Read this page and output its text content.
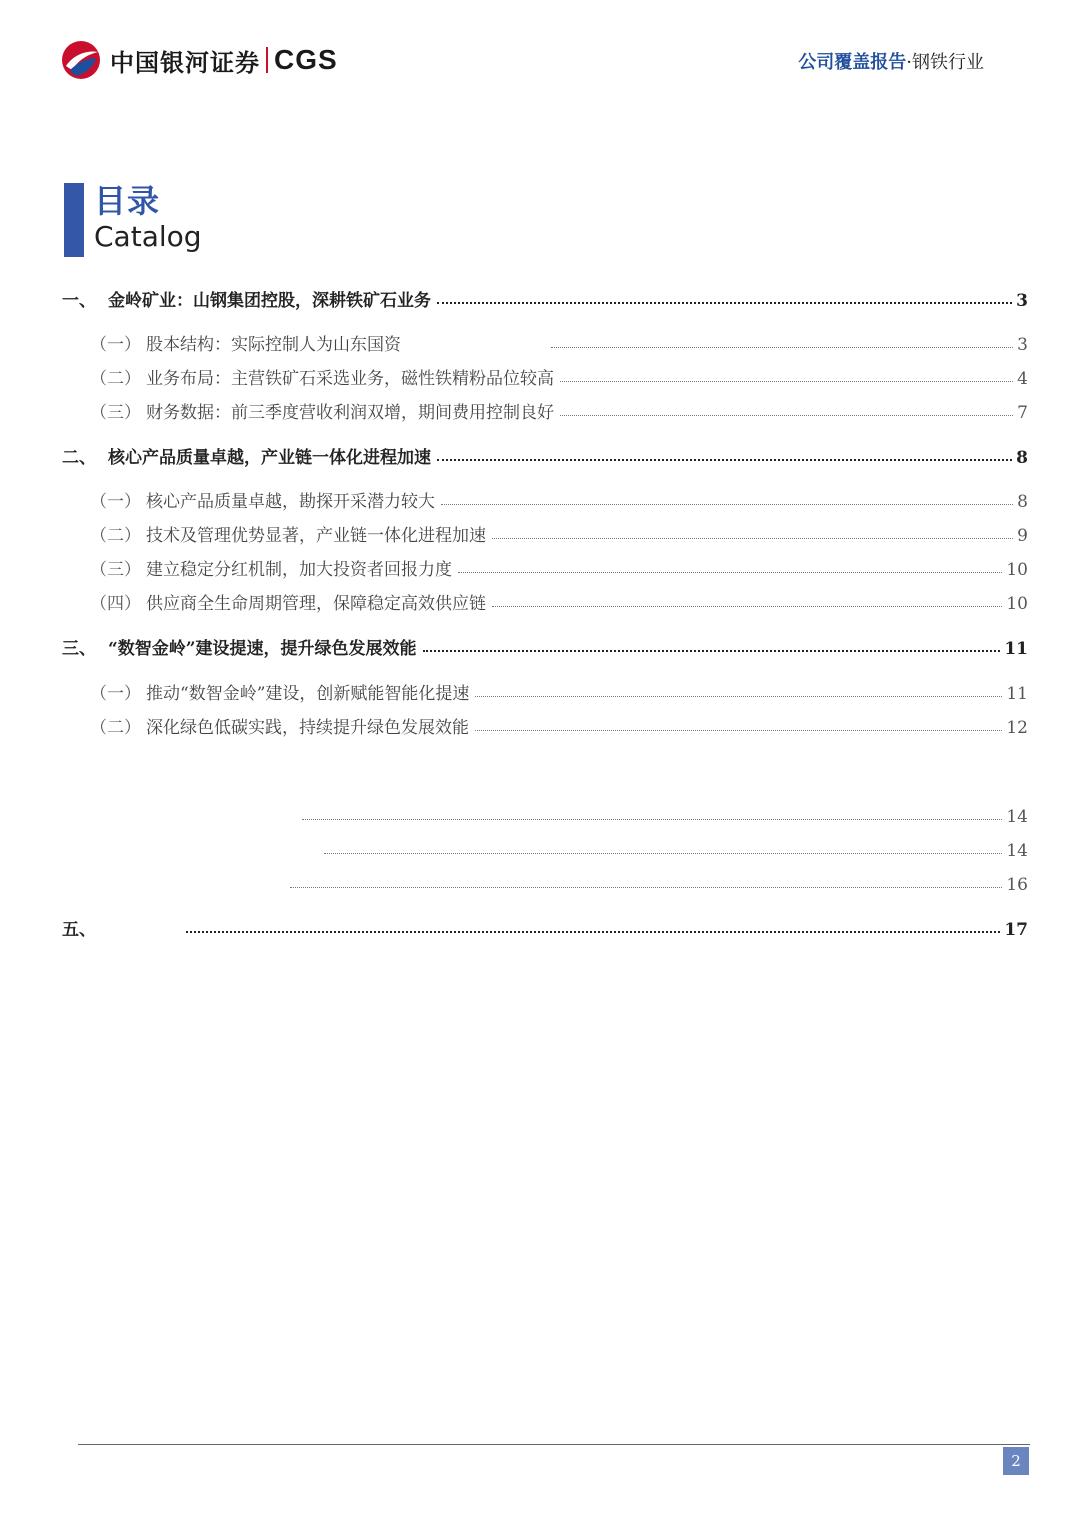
中国银河证券 CGS	公司覆盖报告·钢铁行业
目录
Catalog
一、 金岭矿业：山钢集团控股，深耕铁矿石业务	3
（一） 股本结构：实际控制人为山东国资	3
（二） 业务布局：主营铁矿石采选业务，磁性铁精粉品位较高	4
（三） 财务数据：前三季度营收利润双增，期间费用控制良好	7
二、 核心产品质量卓越，产业链一体化进程加速	8
（一） 核心产品质量卓越，勘探开采潜力较大	8
（二） 技术及管理优势显著，产业链一体化进程加速	9
（三） 建立稳定分红机制，加大投资者回报力度	10
（四） 供应商全生命周期管理，保障稳定高效供应链	10
三、 “数智金岭”建设提速，提升绿色发展效能	11
（一） 推动“数智金岭”建设，创新赋能智能化提速	11
（二） 深化绿色低碳实践，持续提升绿色发展效能	12
14
14
16
五、	17
2
